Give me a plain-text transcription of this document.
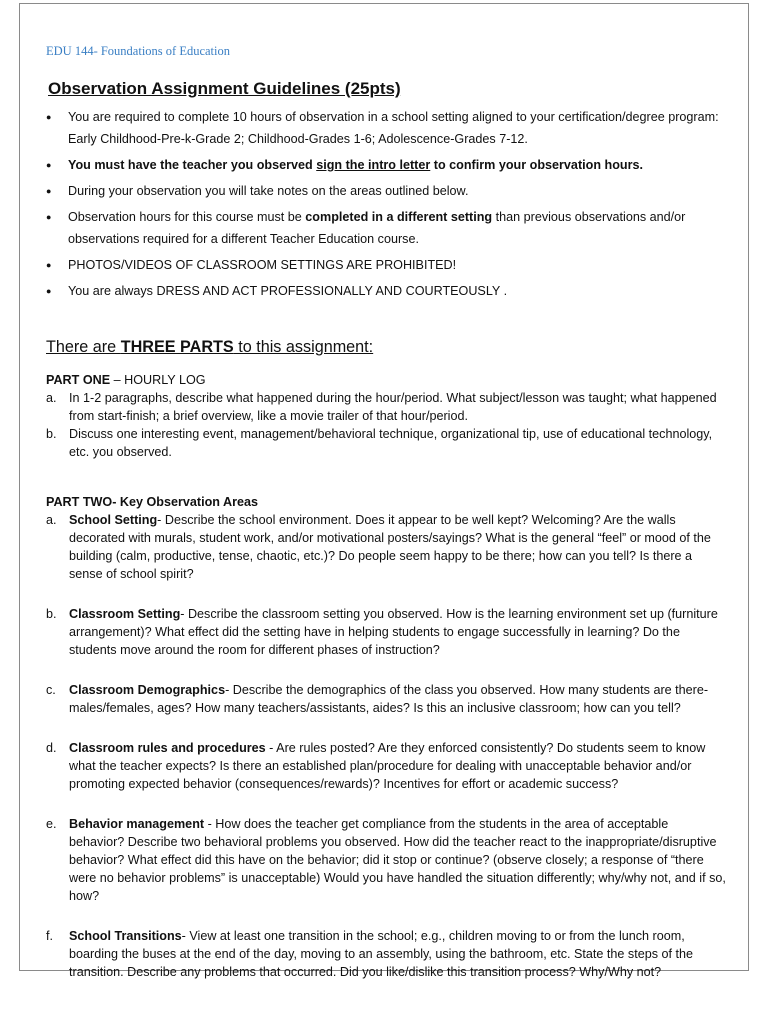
EDU 144- Foundations of Education
Observation Assignment Guidelines (25pts)
● You are required to complete 10 hours of observation in a school setting aligned to your certification/degree program: Early Childhood-Pre-k-Grade 2; Childhood-Grades 1-6; Adolescence-Grades 7-12.
● You must have the teacher you observed sign the intro letter to confirm your observation hours.
● During your observation you will take notes on the areas outlined below.
● Observation hours for this course must be completed in a different setting than previous observations and/or observations required for a different Teacher Education course.
● PHOTOS/VIDEOS OF CLASSROOM SETTINGS ARE PROHIBITED!
● You are always DRESS AND ACT PROFESSIONALLY AND COURTEOUSLY .
There are THREE PARTS to this assignment:
PART ONE – HOURLY LOG
a. In 1-2 paragraphs, describe what happened during the hour/period. What subject/lesson was taught; what happened from start-finish; a brief overview, like a movie trailer of that hour/period.
b. Discuss one interesting event, management/behavioral technique, organizational tip, use of educational technology, etc. you observed.
PART TWO- Key Observation Areas
a. School Setting- Describe the school environment. Does it appear to be well kept? Welcoming? Are the walls decorated with murals, student work, and/or motivational posters/sayings? What is the general “feel” or mood of the building (calm, productive, tense, chaotic, etc.)? Do people seem happy to be there; how can you tell? Is there a sense of school spirit?
b. Classroom Setting- Describe the classroom setting you observed. How is the learning environment set up (furniture arrangement)? What effect did the setting have in helping students to engage successfully in learning? Do the students move around the room for different phases of instruction?
c.	Classroom Demographics- Describe the demographics of the class you observed. How many students are there-males/females, ages? How many teachers/assistants, aides? Is this an inclusive classroom; how can you tell?
d. Classroom rules and procedures - Are rules posted? Are they enforced consistently? Do students seem to know what the teacher expects? Is there an established plan/procedure for dealing with unacceptable behavior and/or promoting expected behavior (consequences/rewards)? Incentives for effort or academic success?
e. Behavior management - How does the teacher get compliance from the students in the area of acceptable behavior? Describe two behavioral problems you observed. How did the teacher react to the inappropriate/disruptive behavior? What effect did this have on the behavior; did it stop or continue? (observe closely; a response of “there were no behavior problems” is unacceptable) Would you have handled the situation differently; why/why not, and if so, how?
f.	School Transitions- View at least one transition in the school; e.g., children moving to or from the lunch room, boarding the buses at the end of the day, moving to an assembly, using the bathroom, etc. State the steps of the transition. Describe any problems that occurred. Did you like/dislike this transition process? Why/Why not?
